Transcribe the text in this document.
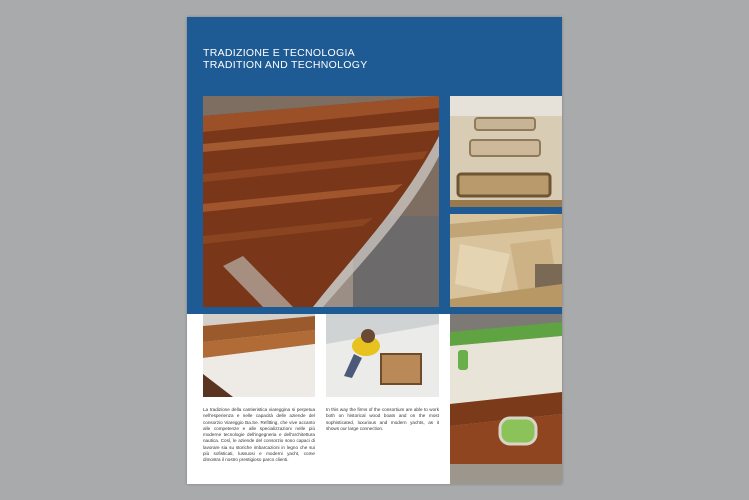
TRADIZIONE E TECNOLOGIA
TRADITION AND TECHNOLOGY
La tradizione della cantieristica viareggina si perpetua nell'esperienza e nelle capacità delle aziende del consorzio Viareggio Ba.Se. Refitting, che vive accanto alle competenze e alle specializzazioni nelle più moderne tecnologie dell'ingegneria e dell'architettura nautica. Così, le aziende del consorzio sono capaci di lavorare sia su storiche imbarcazioni in legno che sui più sofisticati, lussuosi e moderni yacht, come dimostra il nostro prestigioso parco clienti.
In this way the firms of the consortium are able to work both on historical wood boats and on the most sophisticated, luxurious and modern yachts, as it shows our large connection.
